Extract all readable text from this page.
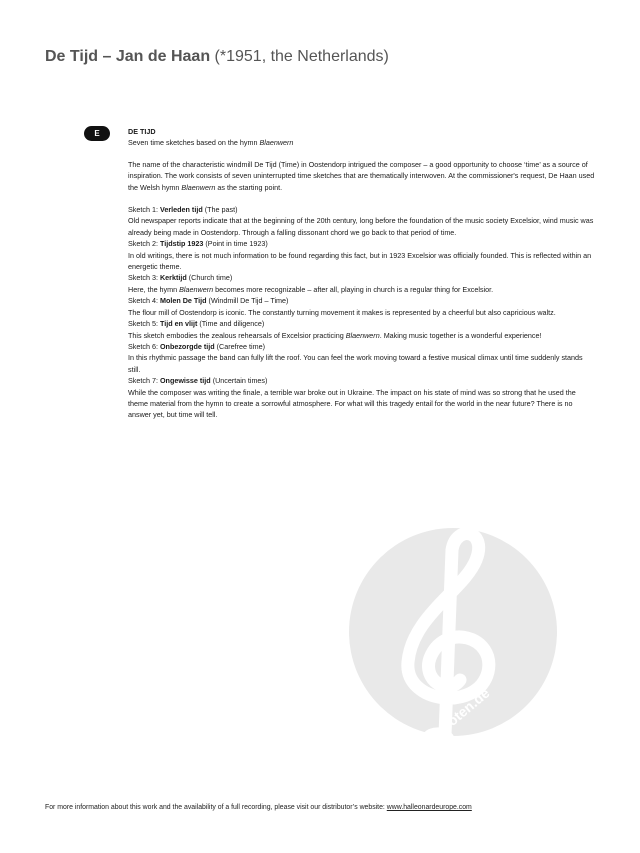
De Tijd – Jan de Haan (*1951, the Netherlands)
E	DE TIJD

Seven time sketches based on the hymn Blaenwern

The name of the characteristic windmill De Tijd (Time) in Oostendorp intrigued the composer – a good opportunity to choose ‘time’ as a source of inspiration. The work consists of seven uninterrupted time sketches that are thematically interwoven. At the commissioner's request, De Haan used the Welsh hymn Blaenwern as the starting point.

Sketch 1: Verleden tijd (The past)
Old newspaper reports indicate that at the beginning of the 20th century, long before the foundation of the music society Excelsior, wind music was already being made in Oostendorp. Through a falling dissonant chord we go back to that period of time.

Sketch 2: Tijdstip 1923 (Point in time 1923)
In old writings, there is not much information to be found regarding this fact, but in 1923 Excelsior was officially founded. This is reflected within an energetic theme.

Sketch 3: Kerktijd (Church time)
Here, the hymn Blaenwern becomes more recognizable – after all, playing in church is a regular thing for Excelsior.

Sketch 4: Molen De Tijd (Windmill De Tijd – Time)
The flour mill of Oostendorp is iconic. The constantly turning movement it makes is represented by a cheerful but also capricious waltz.

Sketch 5: Tijd en vlijt (Time and diligence)
This sketch embodies the zealous rehearsals of Excelsior practicing Blaenwern. Making music together is a wonderful experience!

Sketch 6: Onbezorgde tijd (Carefree time)
In this rhythmic passage the band can fully lift the roof. You can feel the work moving toward a festive musical climax until time suddenly stands still.

Sketch 7: Ongewisse tijd (Uncertain times)
While the composer was writing the finale, a terrible war broke out in Ukraine. The impact on his state of mind was so strong that he used the theme material from the hymn to create a sorrowful atmosphere. For what will this tragedy entail for the world in the near future? There is no answer yet, but time will tell.

alle-noten.de
For more information about this work and the availability of a full recording, please visit our distributor’s website: www.halleonardeurope.com
